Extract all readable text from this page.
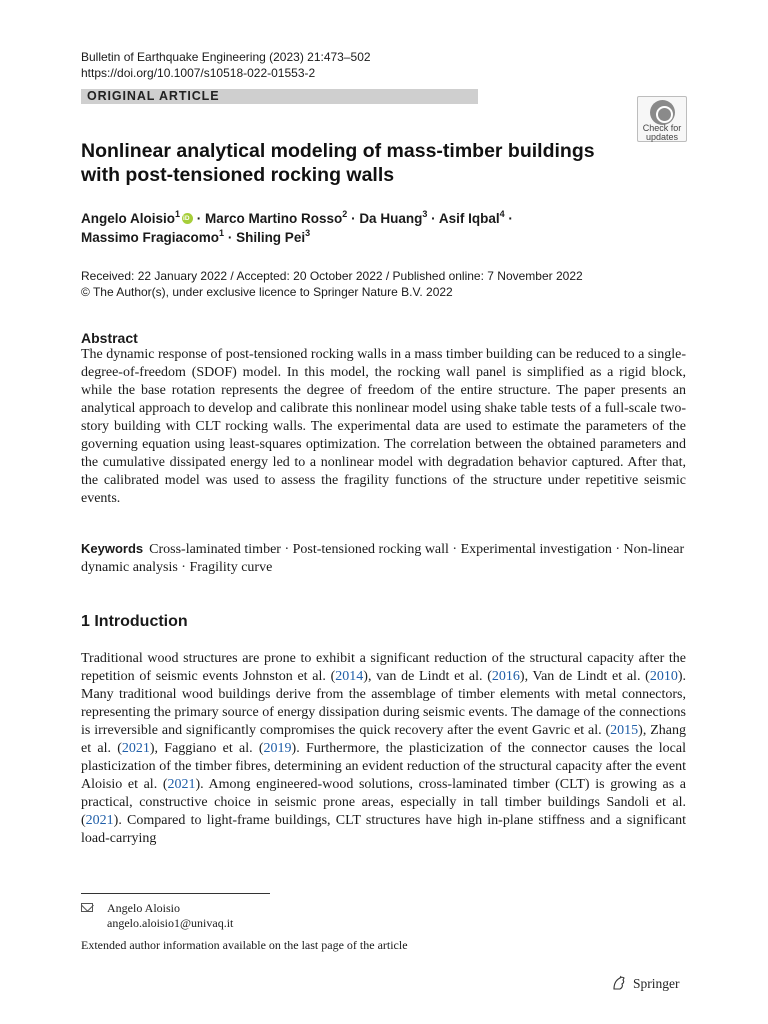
Bulletin of Earthquake Engineering (2023) 21:473–502
https://doi.org/10.1007/s10518-022-01553-2
ORIGINAL ARTICLE
Check for
updates
Nonlinear analytical modeling of mass-timber buildings
with post-tensioned rocking walls
Angelo Aloisio$^1$iD · Marco Martino Rosso$^2$ · Da Huang$^3$ · Asif Iqbal$^4$ ·
Massimo Fragiacomo$^1$ · Shiling Pei$^3$
Received: 22 January 2022 / Accepted: 20 October 2022 / Published online: 7 November 2022
© The Author(s), under exclusive licence to Springer Nature B.V. 2022
Abstract

The dynamic response of post-tensioned rocking walls in a mass timber building can be reduced to a single-degree-of-freedom (SDOF) model. In this model, the rocking wall panel is simplified as a rigid block, while the base rotation represents the degree of freedom of the entire structure. The paper presents an analytical approach to develop and calibrate this nonlinear model using shake table tests of a full-scale two-story building with CLT rocking walls. The experimental data are used to estimate the parameters of the governing equation using least-squares optimization. The correlation between the obtained parameters and the cumulative dissipated energy led to a nonlinear model with degradation behavior captured. After that, the calibrated model was used to assess the fragility functions of the structure under repetitive seismic events.

Keywords Cross-laminated timber · Post-tensioned rocking wall · Experimental investigation · Non-linear dynamic analysis · Fragility curve
1 Introduction

Traditional wood structures are prone to exhibit a significant reduction of the structural capacity after the repetition of seismic events Johnston et al. (2014), van de Lindt et al. (2016), Van de Lindt et al. (2010). Many traditional wood buildings derive from the assemblage of timber elements with metal connectors, representing the primary source of energy dissipation during seismic events. The damage of the connections is irreversible and significantly compromises the quick recovery after the event Gavric et al. (2015), Zhang et al. (2021), Faggiano et al. (2019). Furthermore, the plasticization of the connector causes the local plasticization of the timber fibres, determining an evident reduction of the structural capacity after the event Aloisio et al. (2021). Among engineered-wood solutions, cross-laminated timber (CLT) is growing as a practical, constructive choice in seismic prone areas, especially in tall timber buildings Sandoli et al. (2021). Compared to light-frame buildings, CLT structures have high in-plane stiffness and a significant load-carrying

Angelo Aloisio
angelo.aloisio1@univaq.it
Extended author information available on the last page of the article
Springer
